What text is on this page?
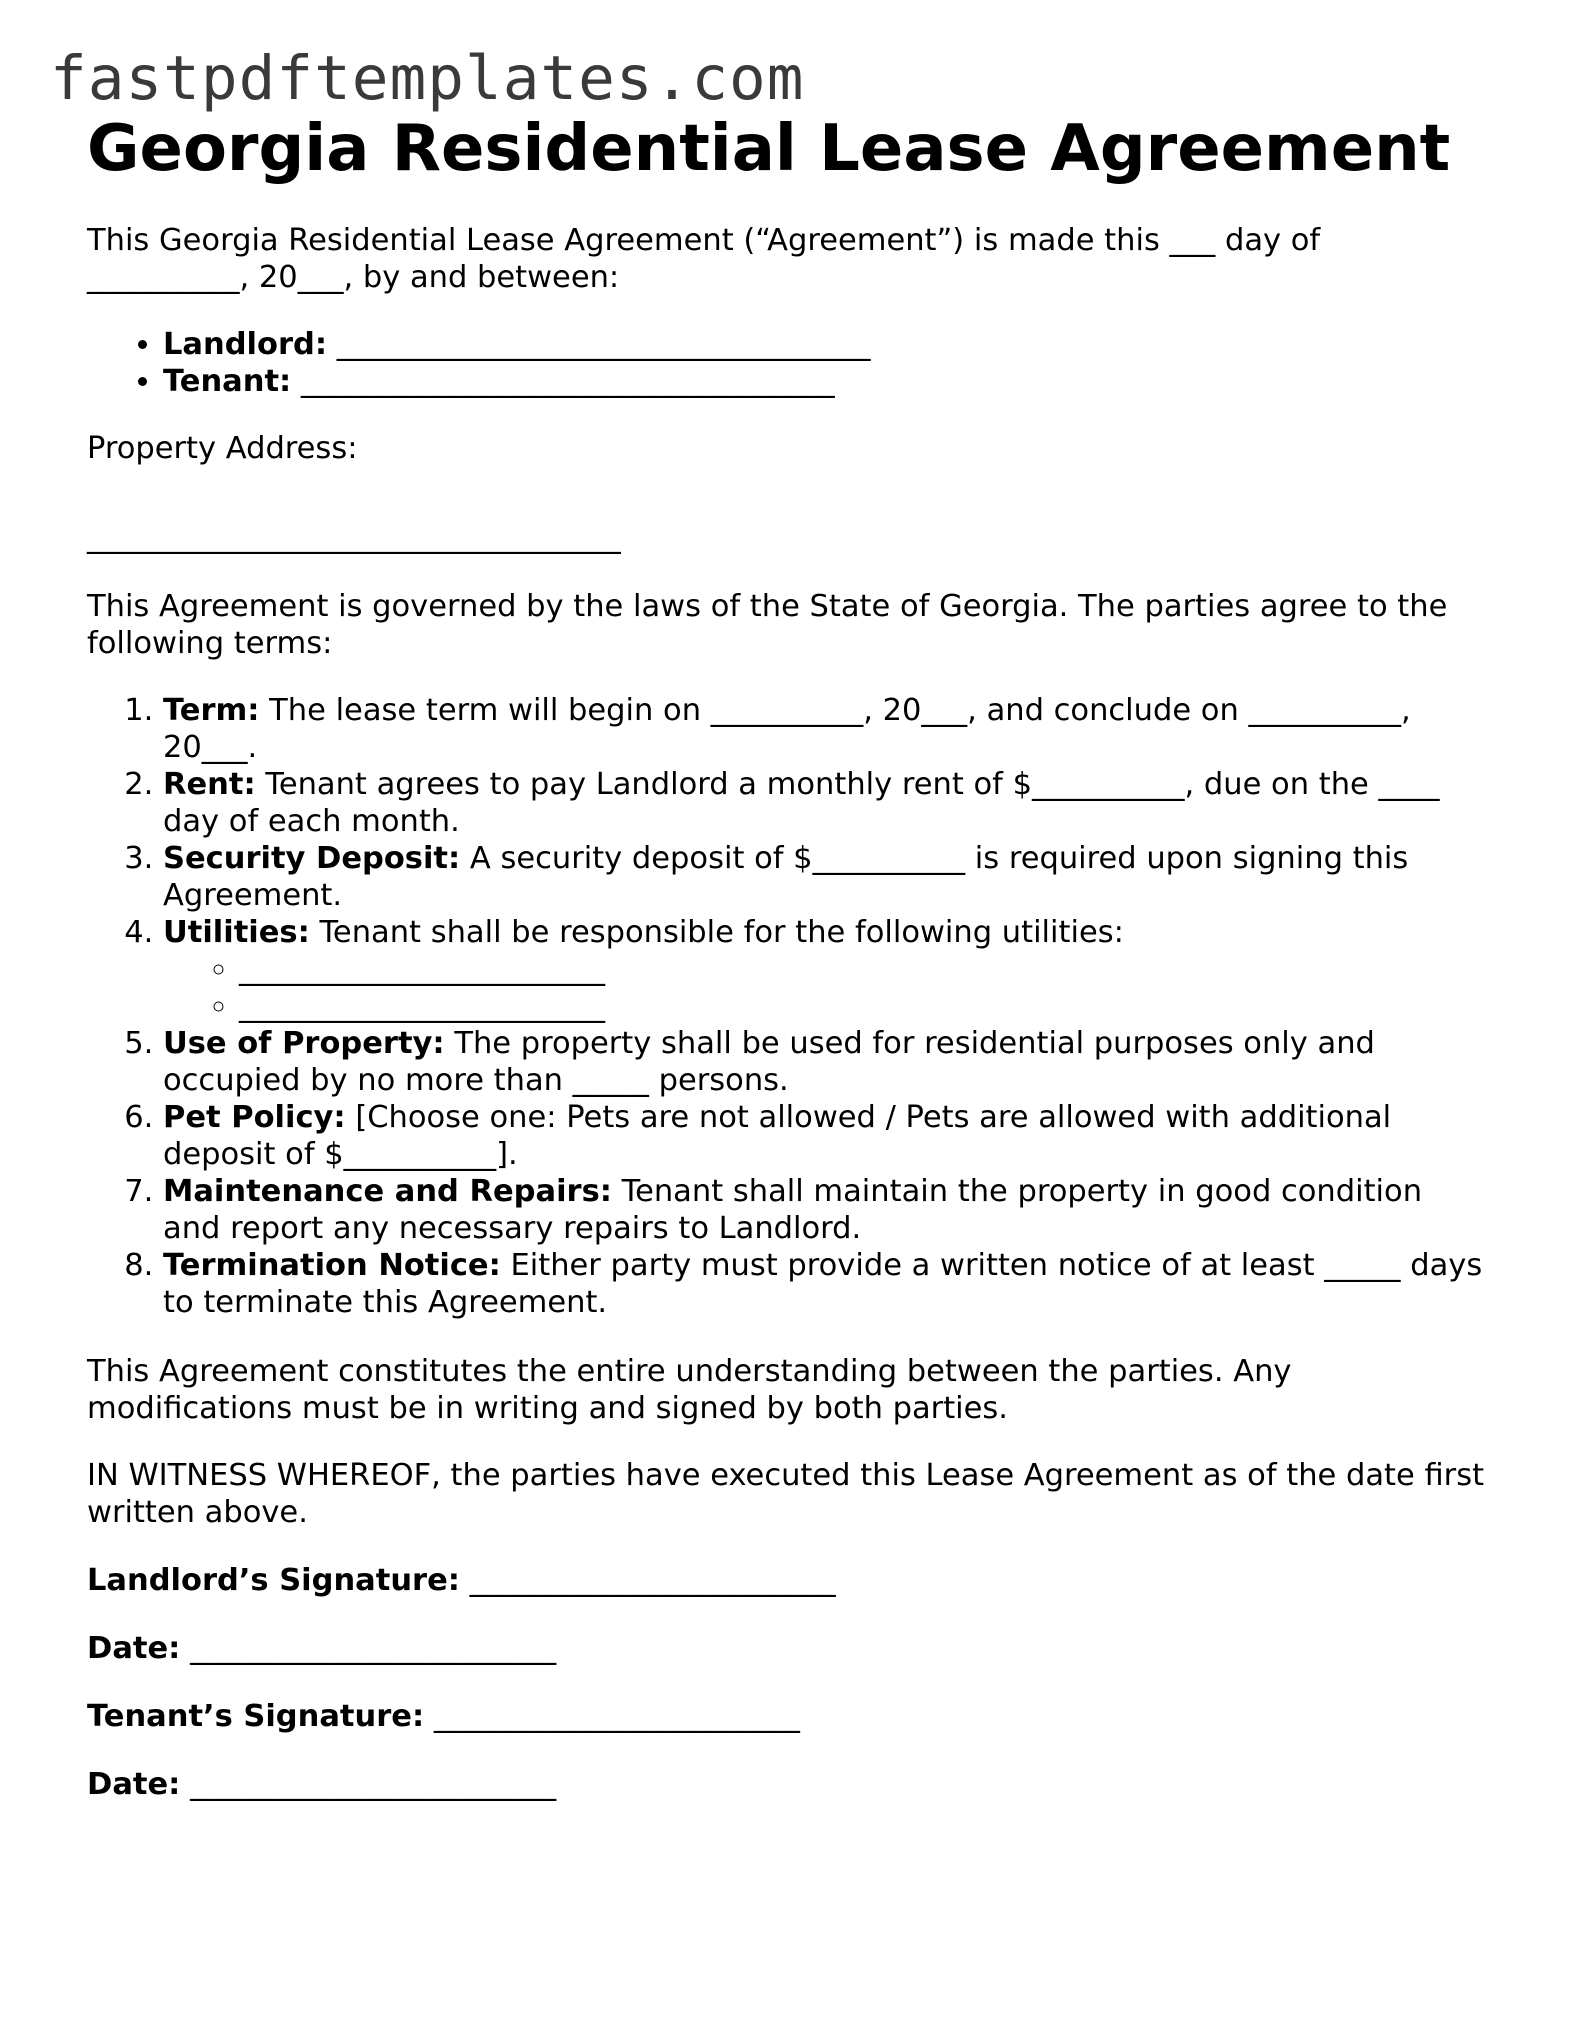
fastpdftemplates.com
Georgia Residential Lease Agreement

This Georgia Residential Lease Agreement (“Agreement”) is made this ___ day of __________, 20___, by and between:

• Landlord: ___________________________________
• Tenant: ___________________________________

Property Address:

___________________________________

This Agreement is governed by the laws of the State of Georgia. The parties agree to the following terms:

1. Term: The lease term will begin on __________, 20___, and conclude on __________, 20___.
2. Rent: Tenant agrees to pay Landlord a monthly rent of $__________, due on the ____ day of each month.
3. Security Deposit: A security deposit of $__________ is required upon signing this Agreement.
4. Utilities: Tenant shall be responsible for the following utilities:
◦ ________________________
◦ ________________________
5. Use of Property: The property shall be used for residential purposes only and occupied by no more than _____ persons.
6. Pet Policy: [Choose one: Pets are not allowed / Pets are allowed with additional deposit of $__________].
7. Maintenance and Repairs: Tenant shall maintain the property in good condition and report any necessary repairs to Landlord.
8. Termination Notice: Either party must provide a written notice of at least _____ days to terminate this Agreement.

This Agreement constitutes the entire understanding between the parties. Any modifications must be in writing and signed by both parties.

IN WITNESS WHEREOF, the parties have executed this Lease Agreement as of the date first written above.

Landlord’s Signature: ________________________

Date: ________________________

Tenant’s Signature: ________________________

Date: ________________________
